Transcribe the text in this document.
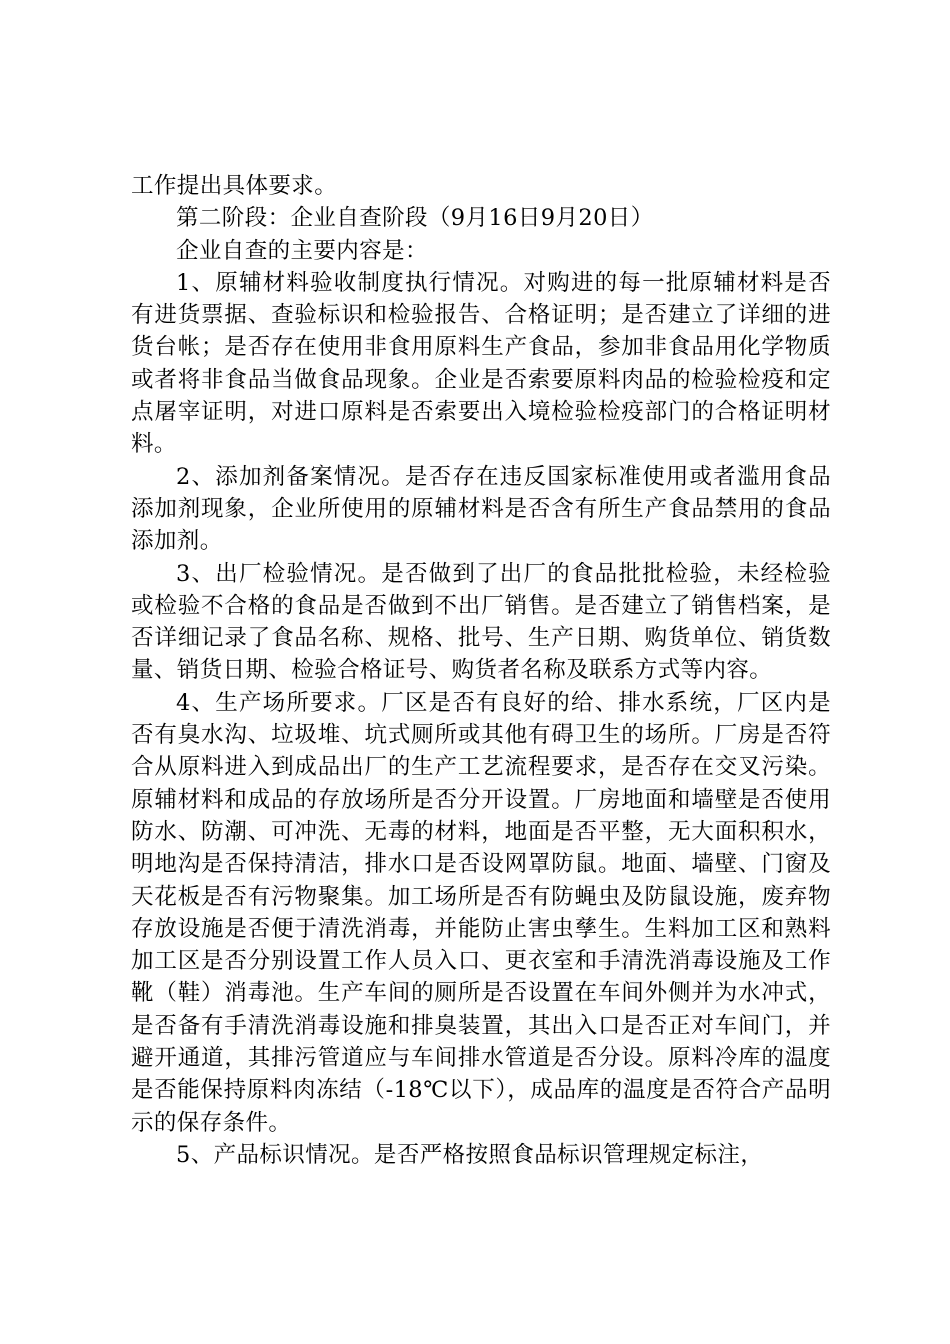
工作提出具体要求。

第二阶段：企业自查阶段（9月16日9月20日）

企业自查的主要内容是：

1、原辅材料验收制度执行情况。对购进的每一批原辅材料是否有进货票据、查验标识和检验报告、合格证明；是否建立了详细的进货台帐；是否存在使用非食用原料生产食品，参加非食品用化学物质或者将非食品当做食品现象。企业是否索要原料肉品的检验检疫和定点屠宰证明，对进口原料是否索要出入境检验检疫部门的合格证明材料。

2、添加剂备案情况。是否存在违反国家标准使用或者滥用食品添加剂现象，企业所使用的原辅材料是否含有所生产食品禁用的食品添加剂。

3、出厂检验情况。是否做到了出厂的食品批批检验，未经检验或检验不合格的食品是否做到不出厂销售。是否建立了销售档案，是否详细记录了食品名称、规格、批号、生产日期、购货单位、销货数量、销货日期、检验合格证号、购货者名称及联系方式等内容。

4、生产场所要求。厂区是否有良好的给、排水系统，厂区内是否有臭水沟、垃圾堆、坑式厕所或其他有碍卫生的场所。厂房是否符合从原料进入到成品出厂的生产工艺流程要求，是否存在交叉污染。原辅材料和成品的存放场所是否分开设置。厂房地面和墙壁是否使用防水、防潮、可冲洗、无毒的材料，地面是否平整，无大面积积水，明地沟是否保持清洁，排水口是否设网罩防鼠。地面、墙壁、门窗及天花板是否有污物聚集。加工场所是否有防蝇虫及防鼠设施，废弃物存放设施是否便于清洗消毒，并能防止害虫孳生。生料加工区和熟料加工区是否分别设置工作人员入口、更衣室和手清洗消毒设施及工作靴（鞋）消毒池。生产车间的厕所是否设置在车间外侧并为水冲式，是否备有手清洗消毒设施和排臭装置，其出入口是否正对车间门，并避开通道，其排污管道应与车间排水管道是否分设。原料冷库的温度是否能保持原料肉冻结（-18℃以下），成品库的温度是否符合产品明示的保存条件。

5、产品标识情况。是否严格按照食品标识管理规定标注，
